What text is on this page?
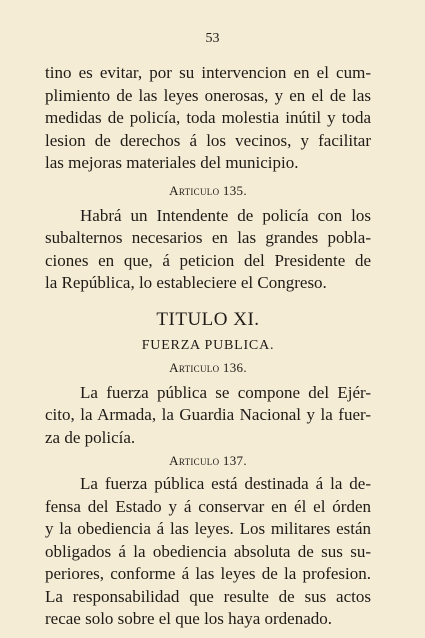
53

tino es evitar, por su intervencion en el cum-
plimiento de las leyes onerosas, y en el de las
medidas de policía, toda molestia inútil y toda
lesion de derechos á los vecinos, y facilitar
las mejoras materiales del municipio.

Articulo 135.

Habrá un Intendente de policía con los
subalternos necesarios en las grandes pobla-
ciones en que, á peticion del Presidente de
la República, lo estableciere el Congreso.

TITULO XI.

FUERZA PUBLICA.

Articulo 136.

La fuerza pública se compone del Ejér-
cito, la Armada, la Guardia Nacional y la fuer-
za de policía.

Articulo 137.

La fuerza pública está destinada á la de-
fensa del Estado y á conservar en él el órden
y la obediencia á las leyes. Los militares están
obligados á la obediencia absoluta de sus su-
periores, conforme á las leyes de la profesion.
La responsabilidad que resulte de sus actos
recae solo sobre el que los haya ordenado.
